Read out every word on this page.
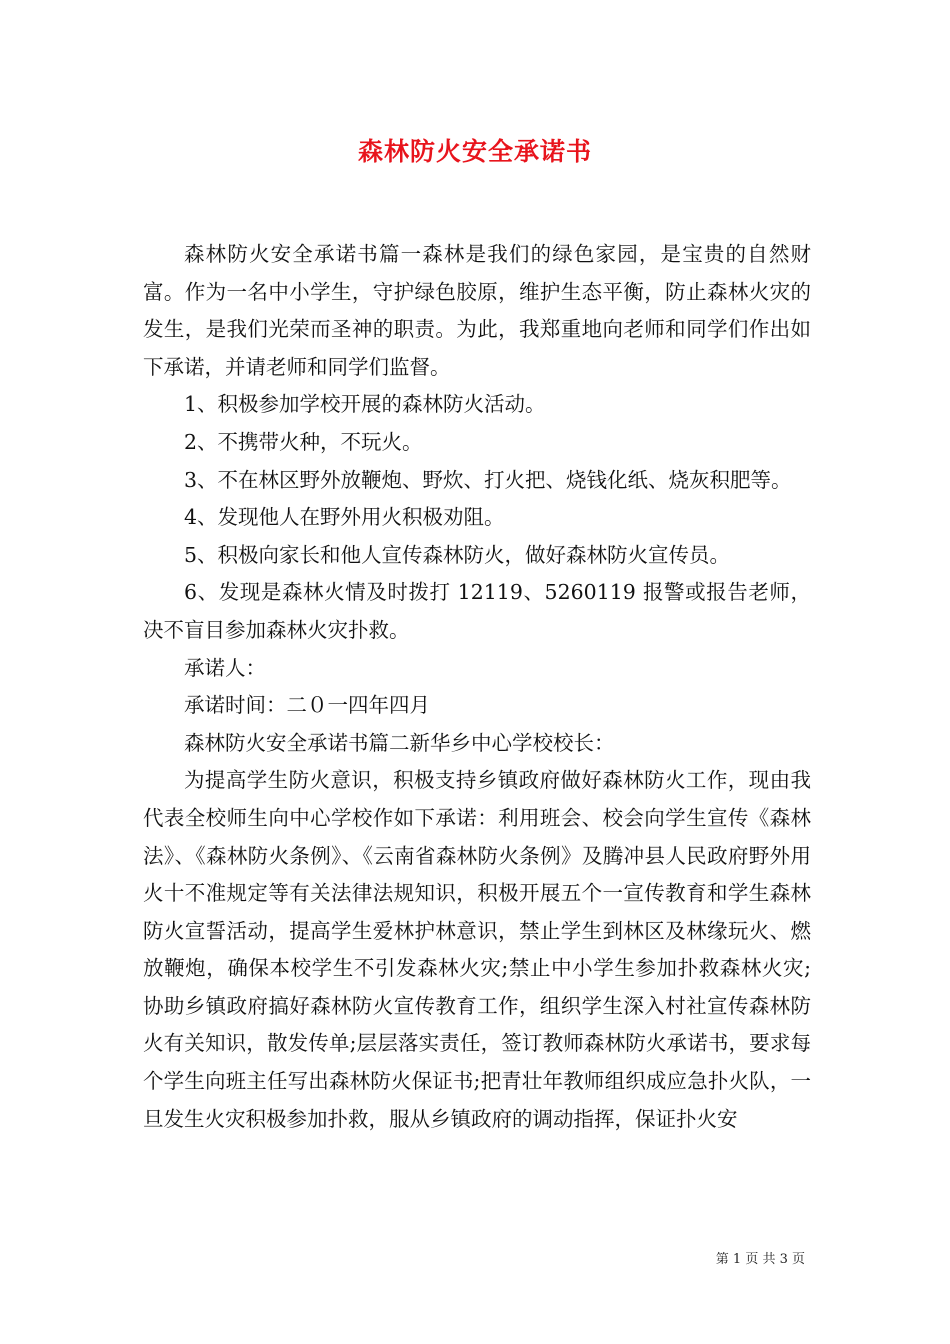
森林防火安全承诺书

森林防火安全承诺书篇一森林是我们的绿色家园，是宝贵的自然财富。作为一名中小学生，守护绿色胶原，维护生态平衡，防止森林火灾的发生，是我们光荣而圣神的职责。为此，我郑重地向老师和同学们作出如下承诺，并请老师和同学们监督。

1、积极参加学校开展的森林防火活动。

2、不携带火种，不玩火。

3、不在林区野外放鞭炮、野炊、打火把、烧钱化纸、烧灰积肥等。

4、发现他人在野外用火积极劝阻。

5、积极向家长和他人宣传森林防火，做好森林防火宣传员。

6、发现是森林火情及时拨打 12119、5260119 报警或报告老师，决不盲目参加森林火灾扑救。

承诺人：

承诺时间：二０一四年四月

森林防火安全承诺书篇二新华乡中心学校校长：

为提高学生防火意识，积极支持乡镇政府做好森林防火工作，现由我代表全校师生向中心学校作如下承诺：利用班会、校会向学生宣传《森林法》、《森林防火条例》、《云南省森林防火条例》及腾冲县人民政府野外用火十不准规定等有关法律法规知识，积极开展五个一宣传教育和学生森林防火宣誓活动，提高学生爱林护林意识，禁止学生到林区及林缘玩火、燃放鞭炮，确保本校学生不引发森林火灾;禁止中小学生参加扑救森林火灾;协助乡镇政府搞好森林防火宣传教育工作，组织学生深入村社宣传森林防火有关知识，散发传单;层层落实责任，签订教师森林防火承诺书，要求每个学生向班主任写出森林防火保证书;把青壮年教师组织成应急扑火队，一旦发生火灾积极参加扑救，服从乡镇政府的调动指挥，保证扑火安

第 1 页 共 3 页
